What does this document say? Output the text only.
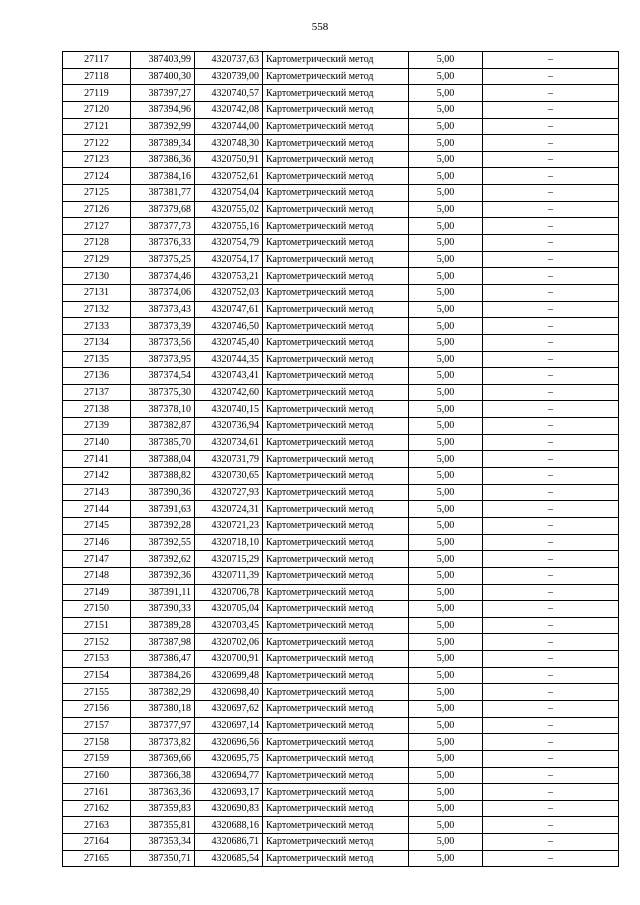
558
27117	387403,99	4320737,63	Картометрический метод	5,00	–
27118	387400,30	4320739,00	Картометрический метод	5,00	–
27119	387397,27	4320740,57	Картометрический метод	5,00	–
27120	387394,96	4320742,08	Картометрический метод	5,00	–
27121	387392,99	4320744,00	Картометрический метод	5,00	–
27122	387389,34	4320748,30	Картометрический метод	5,00	–
27123	387386,36	4320750,91	Картометрический метод	5,00	–
27124	387384,16	4320752,61	Картометрический метод	5,00	–
27125	387381,77	4320754,04	Картометрический метод	5,00	–
27126	387379,68	4320755,02	Картометрический метод	5,00	–
27127	387377,73	4320755,16	Картометрический метод	5,00	–
27128	387376,33	4320754,79	Картометрический метод	5,00	–
27129	387375,25	4320754,17	Картометрический метод	5,00	–
27130	387374,46	4320753,21	Картометрический метод	5,00	–
27131	387374,06	4320752,03	Картометрический метод	5,00	–
27132	387373,43	4320747,61	Картометрический метод	5,00	–
27133	387373,39	4320746,50	Картометрический метод	5,00	–
27134	387373,56	4320745,40	Картометрический метод	5,00	–
27135	387373,95	4320744,35	Картометрический метод	5,00	–
27136	387374,54	4320743,41	Картометрический метод	5,00	–
27137	387375,30	4320742,60	Картометрический метод	5,00	–
27138	387378,10	4320740,15	Картометрический метод	5,00	–
27139	387382,87	4320736,94	Картометрический метод	5,00	–
27140	387385,70	4320734,61	Картометрический метод	5,00	–
27141	387388,04	4320731,79	Картометрический метод	5,00	–
27142	387388,82	4320730,65	Картометрический метод	5,00	–
27143	387390,36	4320727,93	Картометрический метод	5,00	–
27144	387391,63	4320724,31	Картометрический метод	5,00	–
27145	387392,28	4320721,23	Картометрический метод	5,00	–
27146	387392,55	4320718,10	Картометрический метод	5,00	–
27147	387392,62	4320715,29	Картометрический метод	5,00	–
27148	387392,36	4320711,39	Картометрический метод	5,00	–
27149	387391,11	4320706,78	Картометрический метод	5,00	–
27150	387390,33	4320705,04	Картометрический метод	5,00	–
27151	387389,28	4320703,45	Картометрический метод	5,00	–
27152	387387,98	4320702,06	Картометрический метод	5,00	–
27153	387386,47	4320700,91	Картометрический метод	5,00	–
27154	387384,26	4320699,48	Картометрический метод	5,00	–
27155	387382,29	4320698,40	Картометрический метод	5,00	–
27156	387380,18	4320697,62	Картометрический метод	5,00	–
27157	387377,97	4320697,14	Картометрический метод	5,00	–
27158	387373,82	4320696,56	Картометрический метод	5,00	–
27159	387369,66	4320695,75	Картометрический метод	5,00	–
27160	387366,38	4320694,77	Картометрический метод	5,00	–
27161	387363,36	4320693,17	Картометрический метод	5,00	–
27162	387359,83	4320690,83	Картометрический метод	5,00	–
27163	387355,81	4320688,16	Картометрический метод	5,00	–
27164	387353,34	4320686,71	Картометрический метод	5,00	–
27165	387350,71	4320685,54	Картометрический метод	5,00	–
